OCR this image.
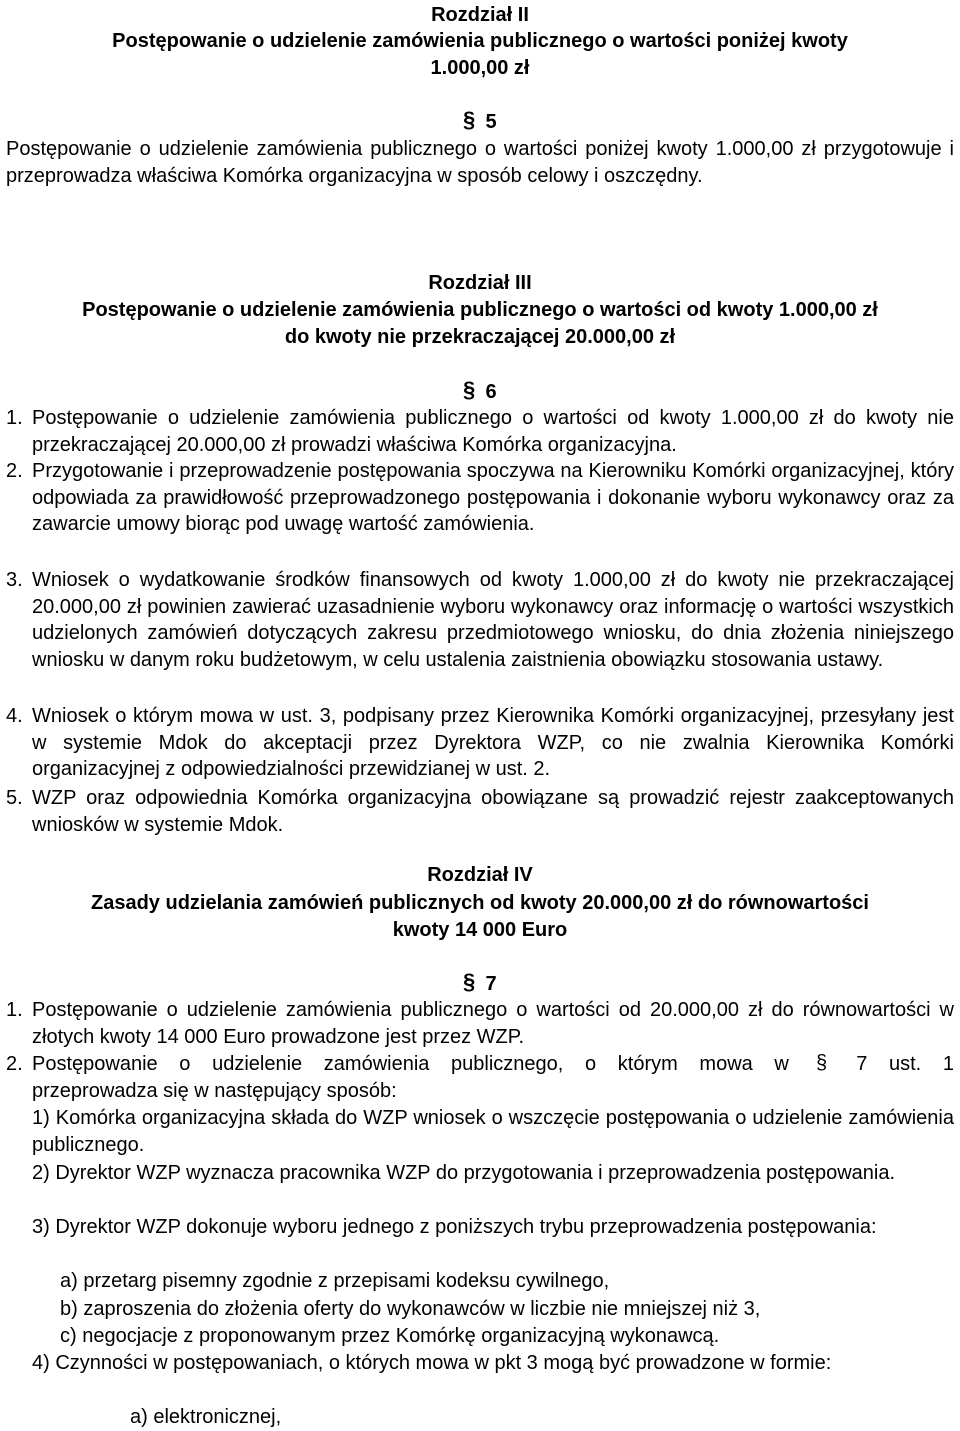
Rozdział II
Postępowanie o udzielenie zamówienia publicznego o wartości poniżej kwoty
1.000,00 zł
§ 5
Postępowanie o udzielenie zamówienia publicznego o wartości poniżej kwoty 1.000,00 zł przygotowuje i przeprowadza właściwa Komórka organizacyjna w sposób celowy i oszczędny.
Rozdział III
Postępowanie o udzielenie zamówienia publicznego o wartości od kwoty 1.000,00 zł
do kwoty nie przekraczającej 20.000,00 zł
§ 6
1. Postępowanie o udzielenie zamówienia publicznego o wartości od kwoty 1.000,00 zł do kwoty nie przekraczającej 20.000,00 zł prowadzi właściwa Komórka organizacyjna.
2. Przygotowanie i przeprowadzenie postępowania spoczywa na Kierowniku Komórki organizacyjnej, który odpowiada za prawidłowość przeprowadzonego postępowania i dokonanie wyboru wykonawcy oraz za zawarcie umowy biorąc pod uwagę wartość zamówienia.
3. Wniosek o wydatkowanie środków finansowych od kwoty 1.000,00 zł do kwoty nie przekraczającej 20.000,00 zł powinien zawierać uzasadnienie wyboru wykonawcy oraz informację o wartości wszystkich udzielonych zamówień dotyczących zakresu przedmiotowego wniosku, do dnia złożenia niniejszego wniosku w danym roku budżetowym, w celu ustalenia zaistnienia obowiązku stosowania ustawy.
4. Wniosek o którym mowa w ust. 3, podpisany przez Kierownika Komórki organizacyjnej, przesyłany jest w systemie Mdok do akceptacji przez Dyrektora WZP, co nie zwalnia Kierownika Komórki organizacyjnej z odpowiedzialności przewidzianej w ust. 2.
5. WZP oraz odpowiednia Komórka organizacyjna obowiązane są prowadzić rejestr zaakceptowanych wniosków w systemie Mdok.
Rozdział IV
Zasady udzielania zamówień publicznych od kwoty 20.000,00 zł do równowartości
kwoty 14 000 Euro
§ 7
1. Postępowanie o udzielenie zamówienia publicznego o wartości od 20.000,00 zł do równowartości w złotych kwoty 14 000 Euro prowadzone jest przez WZP.
2. Postępowanie o udzielenie zamówienia publicznego, o którym mowa w § 7 ust. 1
przeprowadza się w następujący sposób:
1) Komórka organizacyjna składa do WZP wniosek o wszczęcie postępowania o udzielenie zamówienia publicznego.
2) Dyrektor WZP wyznacza pracownika WZP do przygotowania i przeprowadzenia postępowania.
3) Dyrektor WZP dokonuje wyboru jednego z poniższych trybu przeprowadzenia postępowania:
a) przetarg pisemny zgodnie z przepisami kodeksu cywilnego,
b) zaproszenia do złożenia oferty do wykonawców w liczbie nie mniejszej niż 3,
c) negocjacje z proponowanym przez Komórkę organizacyjną wykonawcą.
4) Czynności w postępowaniach, o których mowa w pkt 3 mogą być prowadzone w formie:
a) elektronicznej,
